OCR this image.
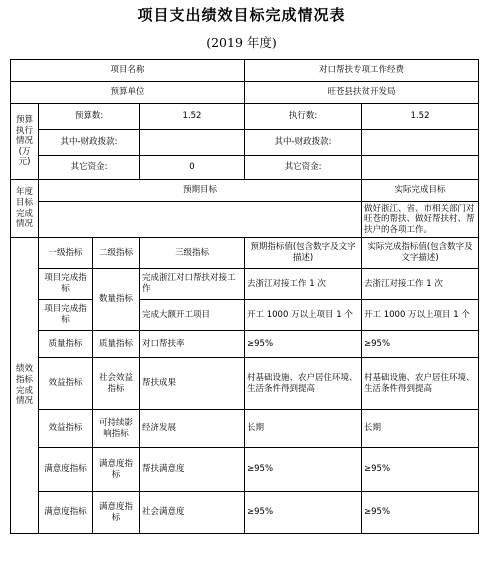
项目支出绩效目标完成情况表
(2019 年度)
项目名称				对口帮扶专项工作经费	
预算单位				旺苍县扶贫开发局	
预算执行情况(万元)	预算数:		1.52	执行数:	1.52
	其中-财政拨款:			其中-财政拨款:	
	其它资金:		0	其它资金:	
年度目标完成情况	预期目标				实际完成目标
					做好浙江、省、市相关部门对旺苍的帮扶、做好帮扶村、帮扶户的各项工作。
绩效指标完成情况	一级指标	二级指标	三级指标	预期指标值(包含数字及文字描述)	实际完成指标值(包含数字及文字描述)
	项目完成指标	数量指标	完成浙江对口帮扶对接工作	去浙江对接工作 1 次	去浙江对接工作 1 次
	项目完成指标		完成大额开工项目	开工 1000 万以上项目 1 个	开工 1000 万以上项目 1 个
	质量指标	质量指标	对口帮扶率	≥95%	≥95%
	效益指标	社会效益指标	帮扶成果	村基础设施、农户居住环境、生活条件得到提高	村基础设施、农户居住环境、生活条件得到提高
	效益指标	可持续影响指标	经济发展	长期	长期
	满意度指标	满意度指标	帮扶满意度	≥95%	≥95%
	满意度指标	满意度指标	社会满意度	≥95%	≥95%
